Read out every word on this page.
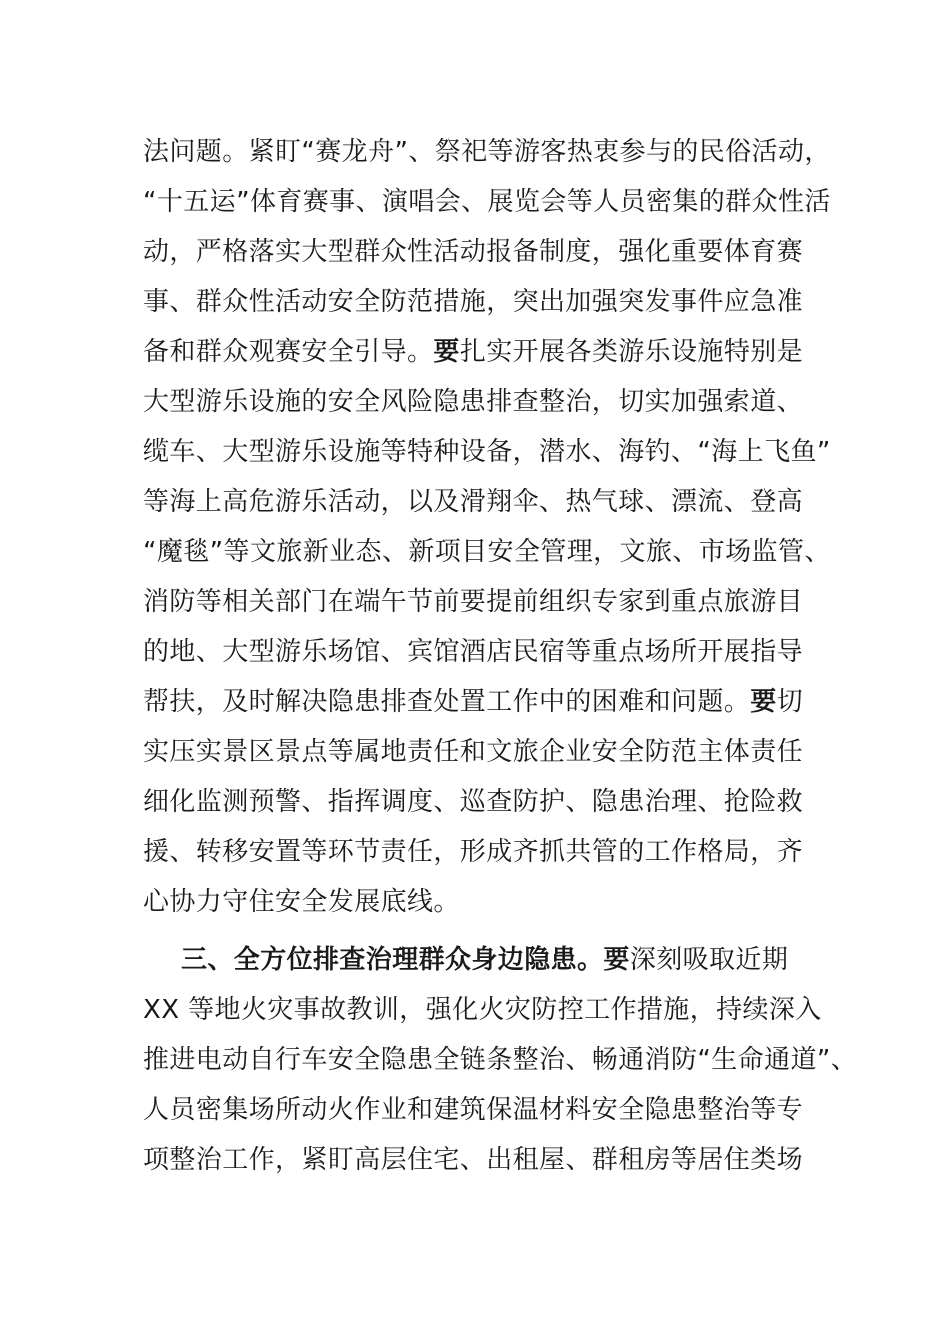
法问题。紧盯“赛龙舟”、祭祀等游客热衷参与的民俗活动，
“十五运”体育赛事、演唱会、展览会等人员密集的群众性活
动，严格落实大型群众性活动报备制度，强化重要体育赛
事、群众性活动安全防范措施，突出加强突发事件应急准
备和群众观赛安全引导。要扎实开展各类游乐设施特别是
大型游乐设施的安全风险隐患排查整治，切实加强索道、
缆车、大型游乐设施等特种设备，潜水、海钓、“海上飞鱼”
等海上高危游乐活动，以及滑翔伞、热气球、漂流、登高
“魔毯”等文旅新业态、新项目安全管理，文旅、市场监管、
消防等相关部门在端午节前要提前组织专家到重点旅游目
的地、大型游乐场馆、宾馆酒店民宿等重点场所开展指导
帮扶，及时解决隐患排查处置工作中的困难和问题。要切
实压实景区景点等属地责任和文旅企业安全防范主体责任
细化监测预警、指挥调度、巡查防护、隐患治理、抢险救
援、转移安置等环节责任，形成齐抓共管的工作格局，齐
心协力守住安全发展底线。
三、全方位排查治理群众身边隐患。要深刻吸取近期
XX 等地火灾事故教训，强化火灾防控工作措施，持续深入
推进电动自行车安全隐患全链条整治、畅通消防“生命通道”、
人员密集场所动火作业和建筑保温材料安全隐患整治等专
项整治工作，紧盯高层住宅、出租屋、群租房等居住类场
